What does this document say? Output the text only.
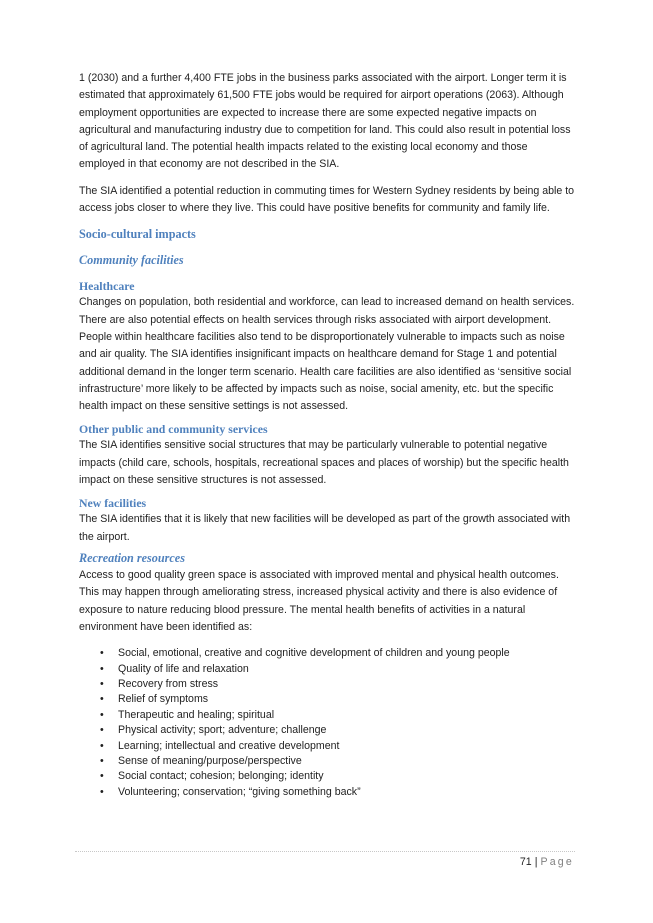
1 (2030) and a further 4,400 FTE jobs in the business parks associated with the airport. Longer term it is estimated that approximately 61,500 FTE jobs would be required for airport operations (2063). Although employment opportunities are expected to increase there are some expected negative impacts on agricultural and manufacturing industry due to competition for land. This could also result in potential loss of agricultural land. The potential health impacts related to the existing local economy and those employed in that economy are not described in the SIA.

The SIA identified a potential reduction in commuting times for Western Sydney residents by being able to access jobs closer to where they live. This could have positive benefits for community and family life.

Socio-cultural impacts
Community facilities
Healthcare

Changes on population, both residential and workforce, can lead to increased demand on health services. There are also potential effects on health services through risks associated with airport development. People within healthcare facilities also tend to be disproportionately vulnerable to impacts such as noise and air quality. The SIA identifies insignificant impacts on healthcare demand for Stage 1 and potential additional demand in the longer term scenario. Health care facilities are also identified as ‘sensitive social infrastructure’ more likely to be affected by impacts such as noise, social amenity, etc. but the specific health impact on these sensitive settings is not assessed.

Other public and community services

The SIA identifies sensitive social structures that may be particularly vulnerable to potential negative impacts (child care, schools, hospitals, recreational spaces and places of worship) but the specific health impact on these sensitive structures is not assessed.

New facilities

The SIA identifies that it is likely that new facilities will be developed as part of the growth associated with the airport.

Recreation resources

Access to good quality green space is associated with improved mental and physical health outcomes. This may happen through ameliorating stress, increased physical activity and there is also evidence of exposure to nature reducing blood pressure. The mental health benefits of activities in a natural environment have been identified as:

• Social, emotional, creative and cognitive development of children and young people
• Quality of life and relaxation
• Recovery from stress
• Relief of symptoms
• Therapeutic and healing; spiritual
• Physical activity; sport; adventure; challenge
• Learning; intellectual and creative development
• Sense of meaning/purpose/perspective
• Social contact; cohesion; belonging; identity
• Volunteering; conservation; “giving something back”
71 | Page
